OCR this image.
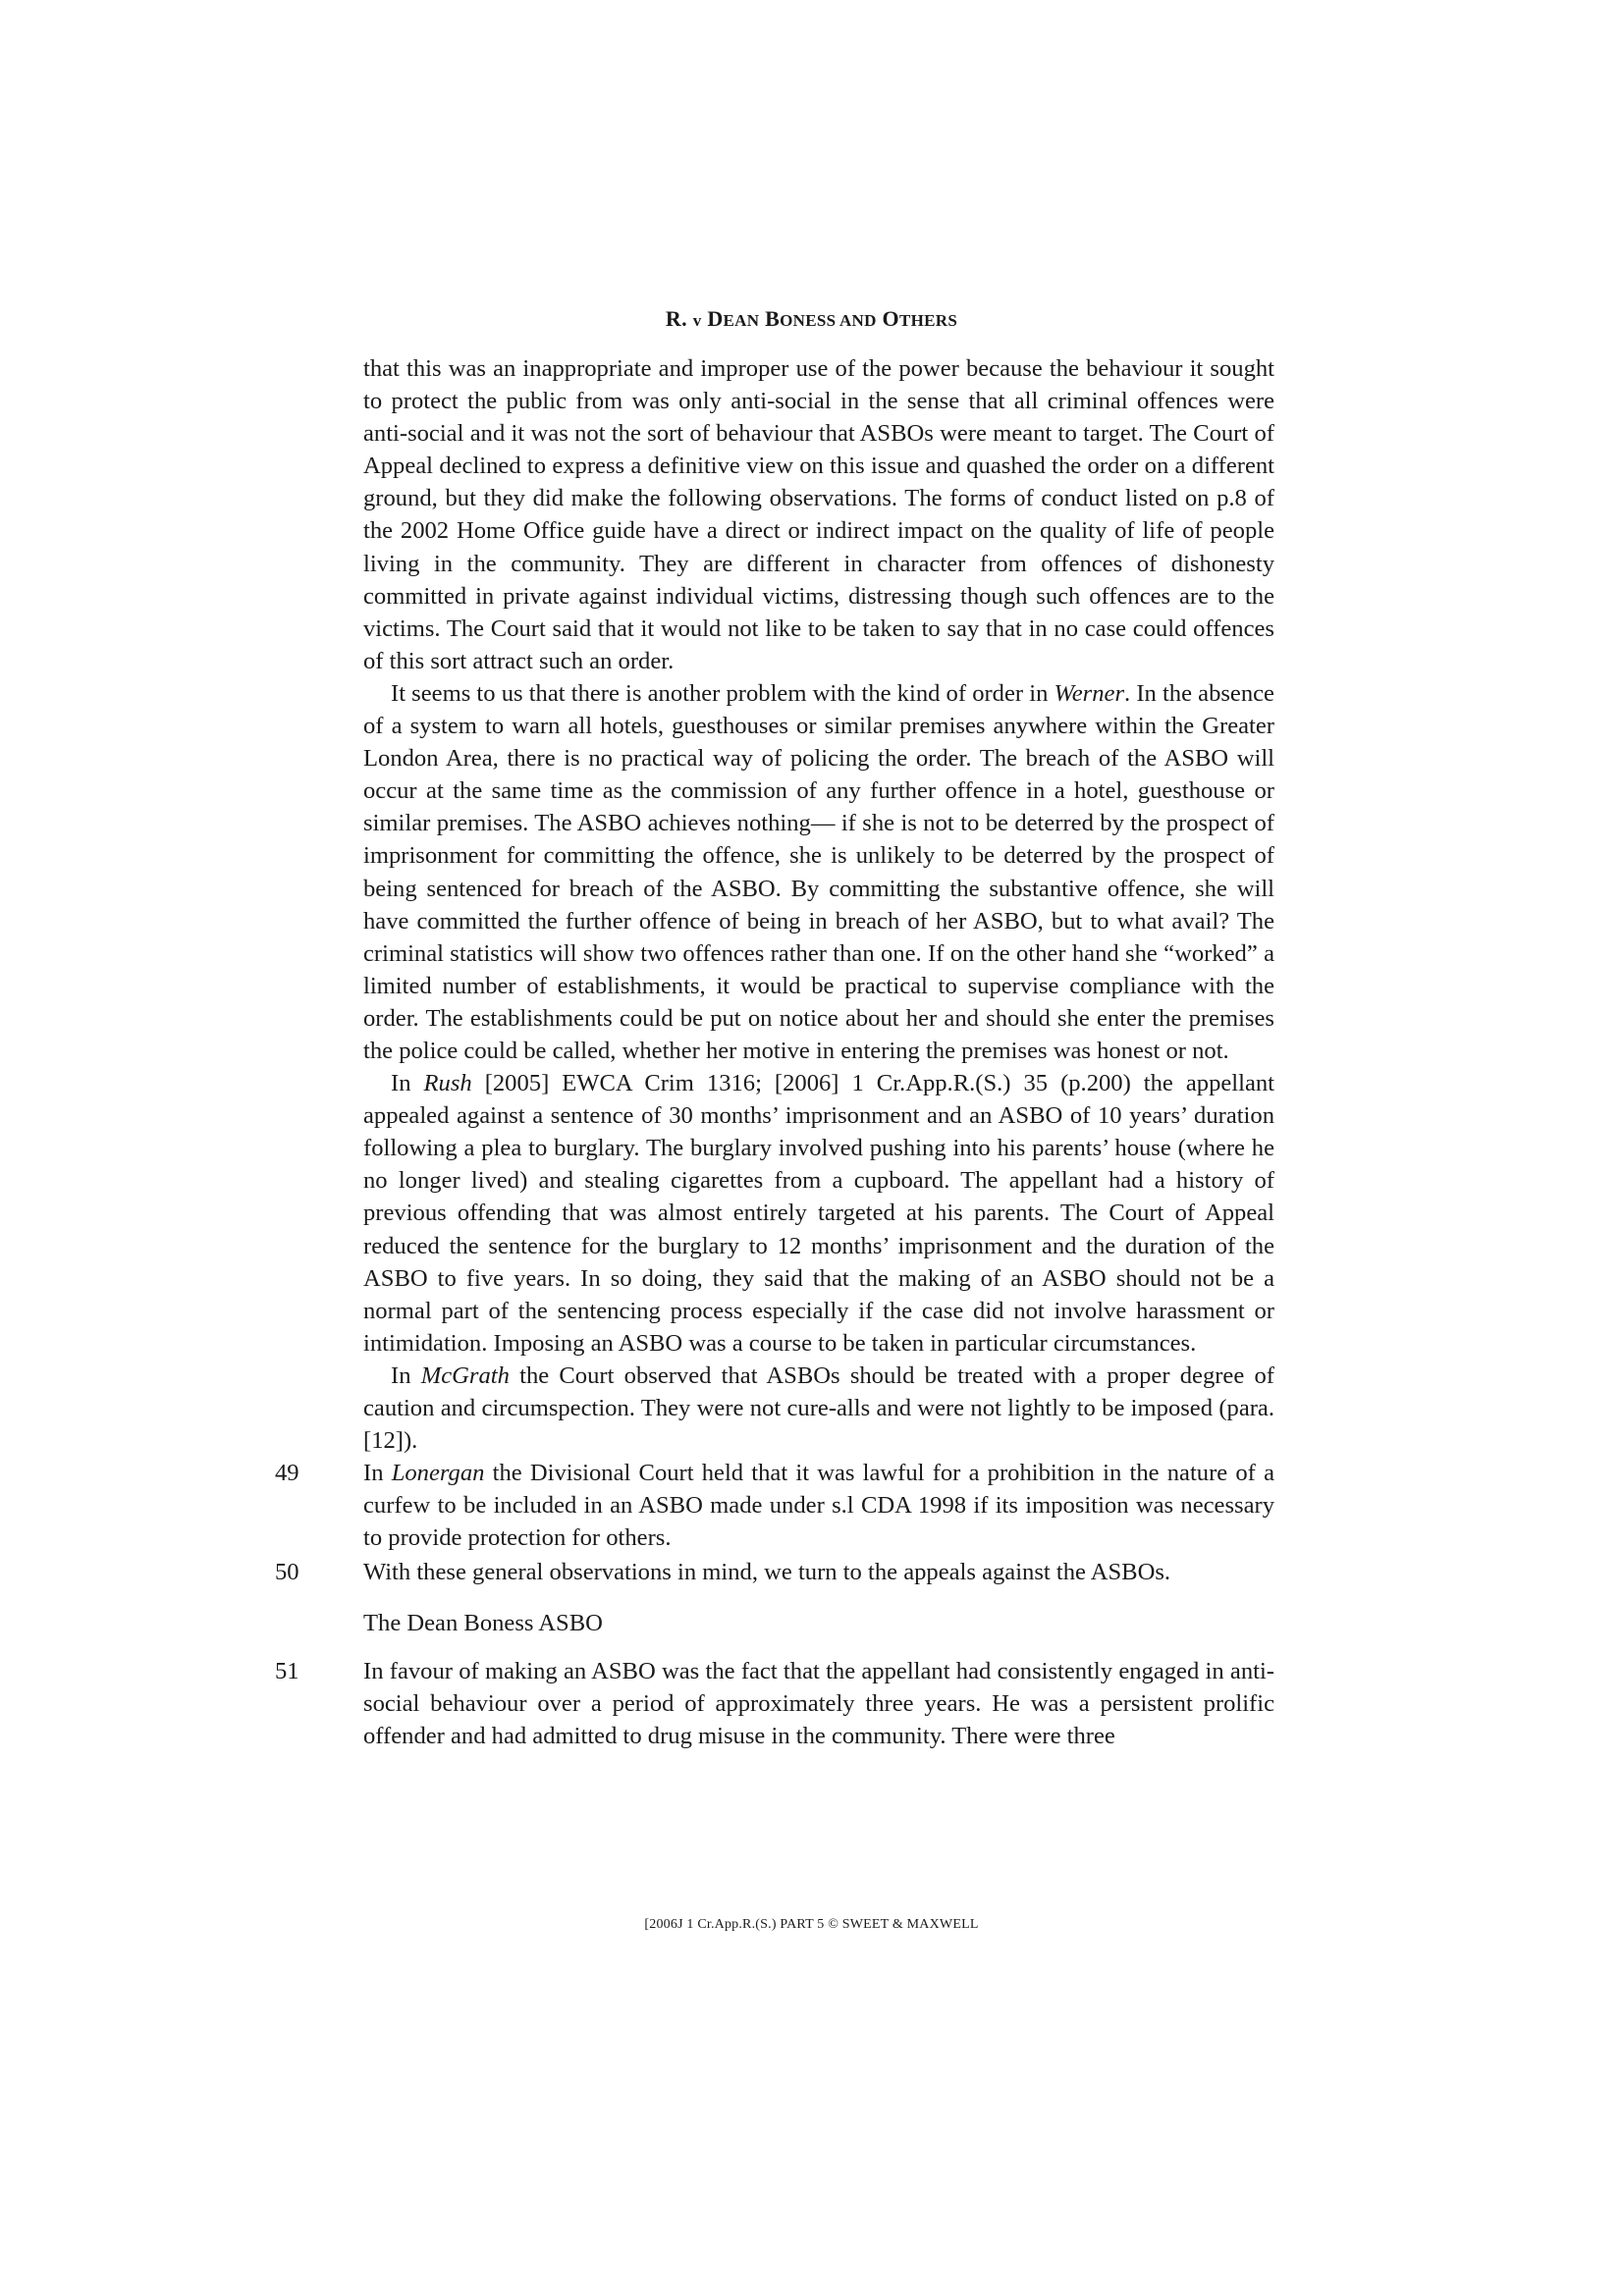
R. v DEAN BONESS AND OTHERS

that this was an inappropriate and improper use of the power because the behaviour it sought to protect the public from was only anti-social in the sense that all criminal offences were anti-social and it was not the sort of behaviour that ASBOs were meant to target. The Court of Appeal declined to express a definitive view on this issue and quashed the order on a different ground, but they did make the following observations. The forms of conduct listed on p.8 of the 2002 Home Office guide have a direct or indirect impact on the quality of life of people living in the community. They are different in character from offences of dishonesty committed in private against individual victims, distressing though such offences are to the victims. The Court said that it would not like to be taken to say that in no case could offences of this sort attract such an order.

It seems to us that there is another problem with the kind of order in Werner. In the absence of a system to warn all hotels, guesthouses or similar premises anywhere within the Greater London Area, there is no practical way of policing the order. The breach of the ASBO will occur at the same time as the commission of any further offence in a hotel, guesthouse or similar premises. The ASBO achieves nothing— if she is not to be deterred by the prospect of imprisonment for committing the offence, she is unlikely to be deterred by the prospect of being sentenced for breach of the ASBO. By committing the substantive offence, she will have committed the further offence of being in breach of her ASBO, but to what avail? The criminal statistics will show two offences rather than one. If on the other hand she “worked” a limited number of establishments, it would be practical to supervise compliance with the order. The establishments could be put on notice about her and should she enter the premises the police could be called, whether her motive in entering the premises was honest or not.

In Rush [2005] EWCA Crim 1316; [2006] 1 Cr.App.R.(S.) 35 (p.200) the appellant appealed against a sentence of 30 months’ imprisonment and an ASBO of 10 years’ duration following a plea to burglary. The burglary involved pushing into his parents’ house (where he no longer lived) and stealing cigarettes from a cupboard. The appellant had a history of previous offending that was almost entirely targeted at his parents. The Court of Appeal reduced the sentence for the burglary to 12 months’ imprisonment and the duration of the ASBO to five years. In so doing, they said that the making of an ASBO should not be a normal part of the sentencing process especially if the case did not involve harassment or intimidation. Imposing an ASBO was a course to be taken in particular circumstances.

In McGrath the Court observed that ASBOs should be treated with a proper degree of caution and circumspection. They were not cure-alls and were not lightly to be imposed (para. [12]).

49	In Lonergan the Divisional Court held that it was lawful for a prohibition in the nature of a curfew to be included in an ASBO made under s.l CDA 1998 if its imposition was necessary to provide protection for others.

50	With these general observations in mind, we turn to the appeals against the ASBOs.

The Dean Boness ASBO

51	In favour of making an ASBO was the fact that the appellant had consistently engaged in anti-social behaviour over a period of approximately three years. He was a persistent prolific offender and had admitted to drug misuse in the community. There were three

[2006J 1 Cr.App.R.(S.) PART 5 © SWEET & MAXWELL
